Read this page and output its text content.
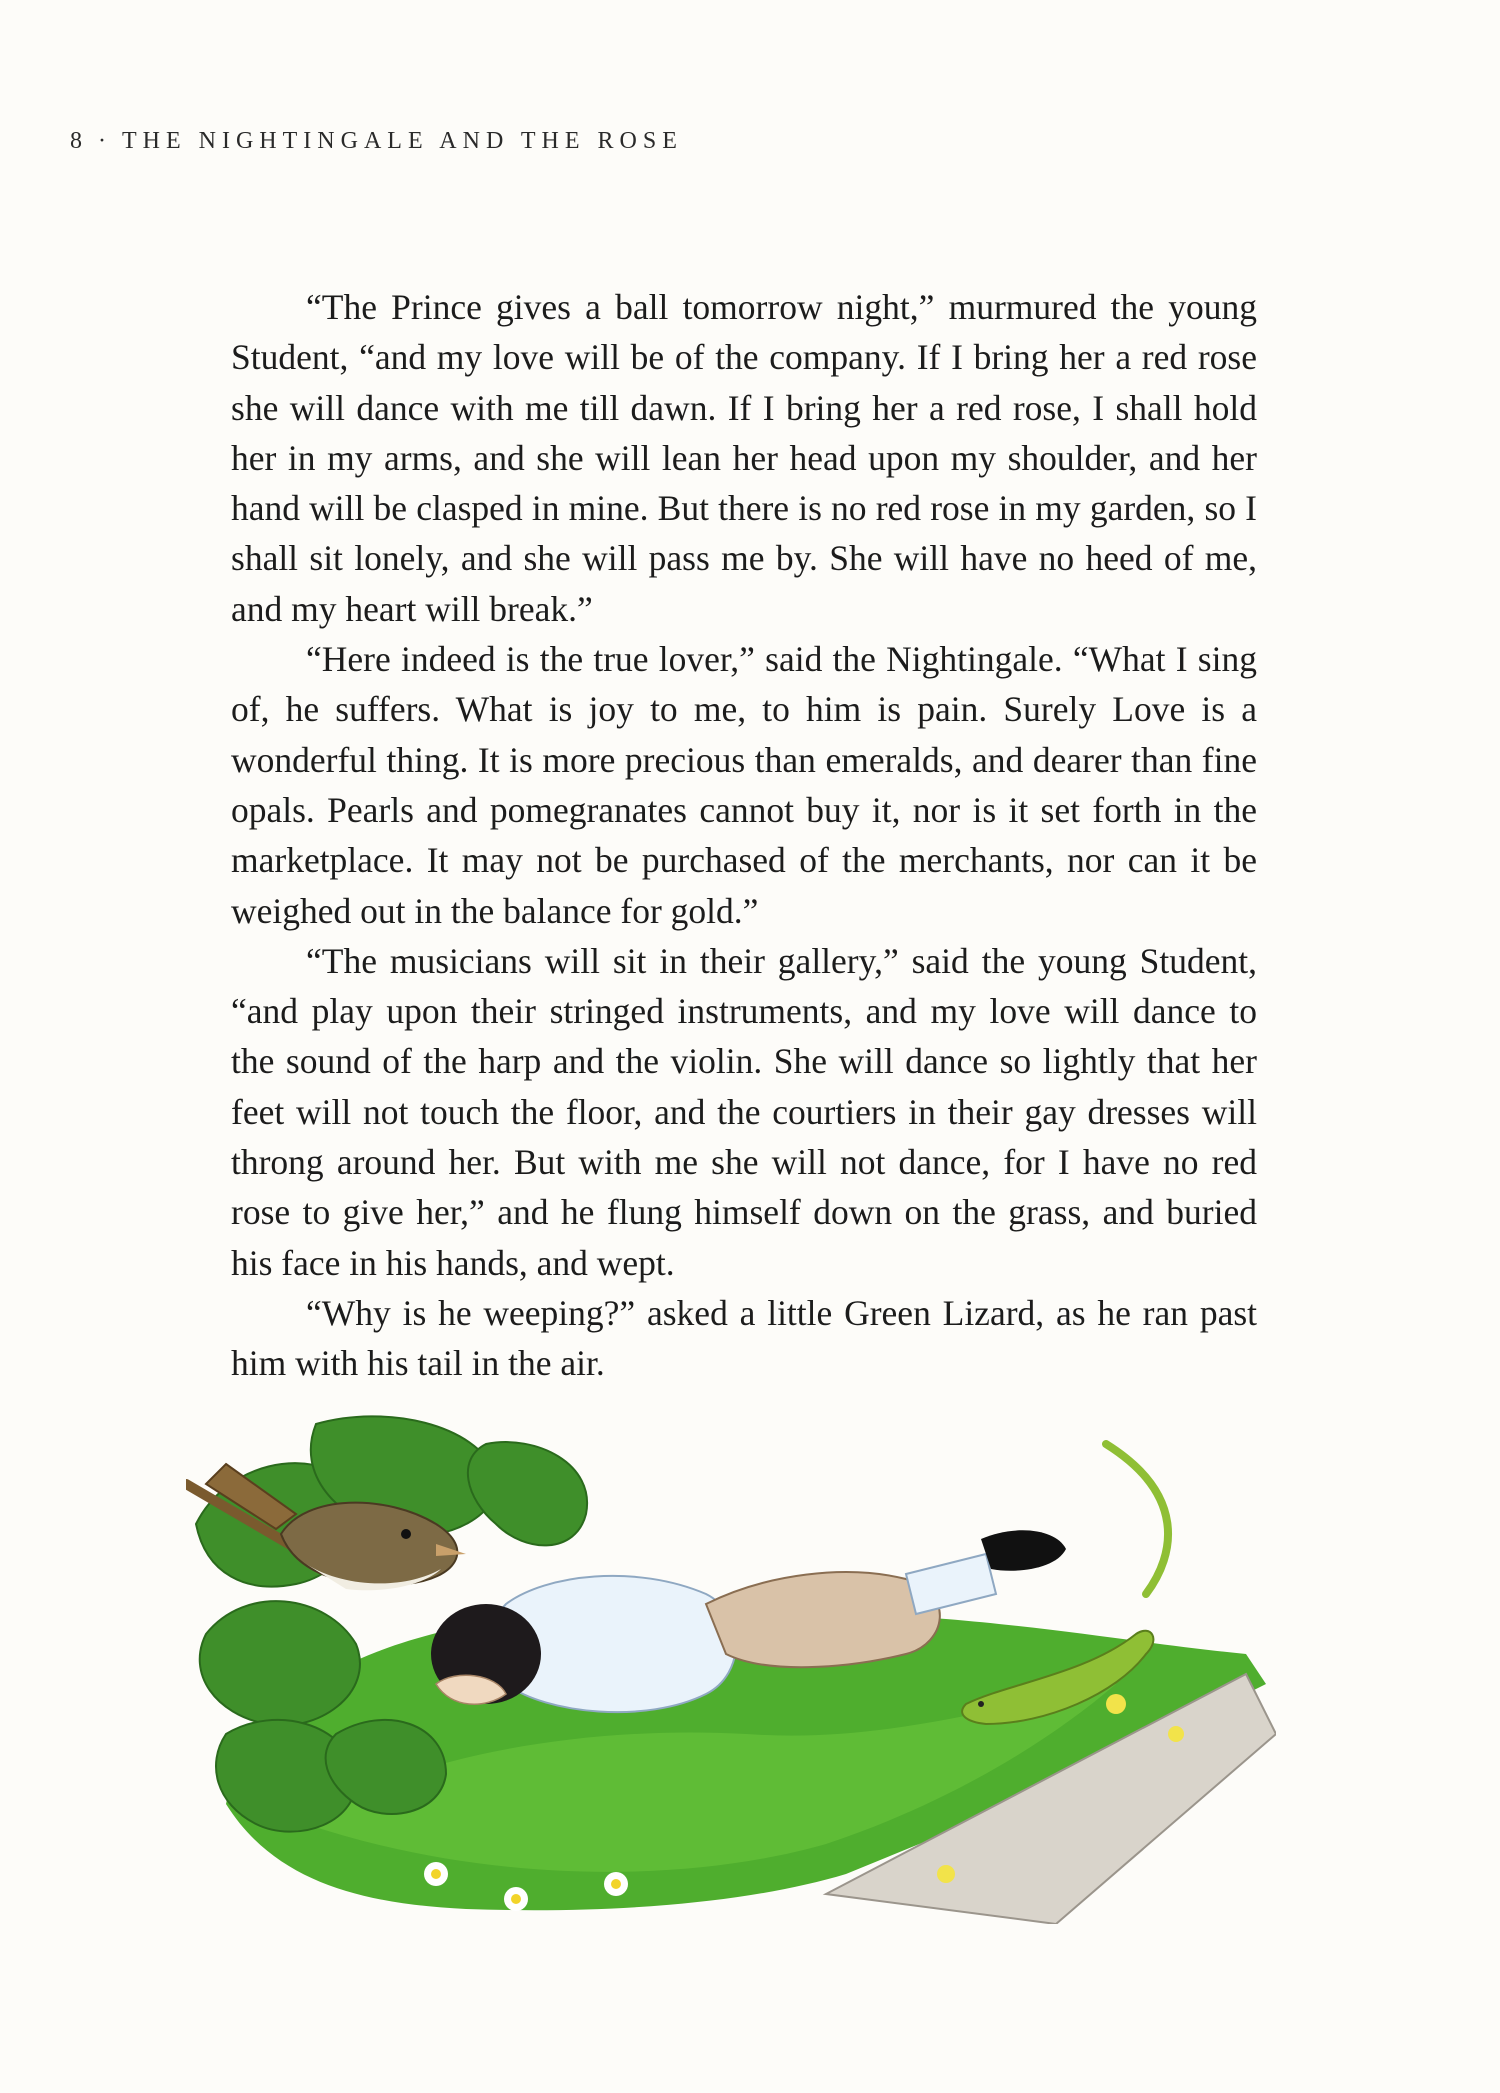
8 · THE NIGHTINGALE AND THE ROSE

“The Prince gives a ball tomorrow night,” murmured the young Student, “and my love will be of the company. If I bring her a red rose she will dance with me till dawn. If I bring her a red rose, I shall hold her in my arms, and she will lean her head upon my shoulder, and her hand will be clasped in mine. But there is no red rose in my garden, so I shall sit lonely, and she will pass me by. She will have no heed of me, and my heart will break.”

“Here indeed is the true lover,” said the Nightingale. “What I sing of, he suffers. What is joy to me, to him is pain. Surely Love is a wonderful thing. It is more precious than emeralds, and dearer than fine opals. Pearls and pomegranates cannot buy it, nor is it set forth in the marketplace. It may not be purchased of the merchants, nor can it be weighed out in the balance for gold.”

“The musicians will sit in their gallery,” said the young Student, “and play upon their stringed instruments, and my love will dance to the sound of the harp and the violin. She will dance so lightly that her feet will not touch the floor, and the courtiers in their gay dresses will throng around her. But with me she will not dance, for I have no red rose to give her,” and he flung himself down on the grass, and buried his face in his hands, and wept.

“Why is he weeping?” asked a little Green Lizard, as he ran past him with his tail in the air.
